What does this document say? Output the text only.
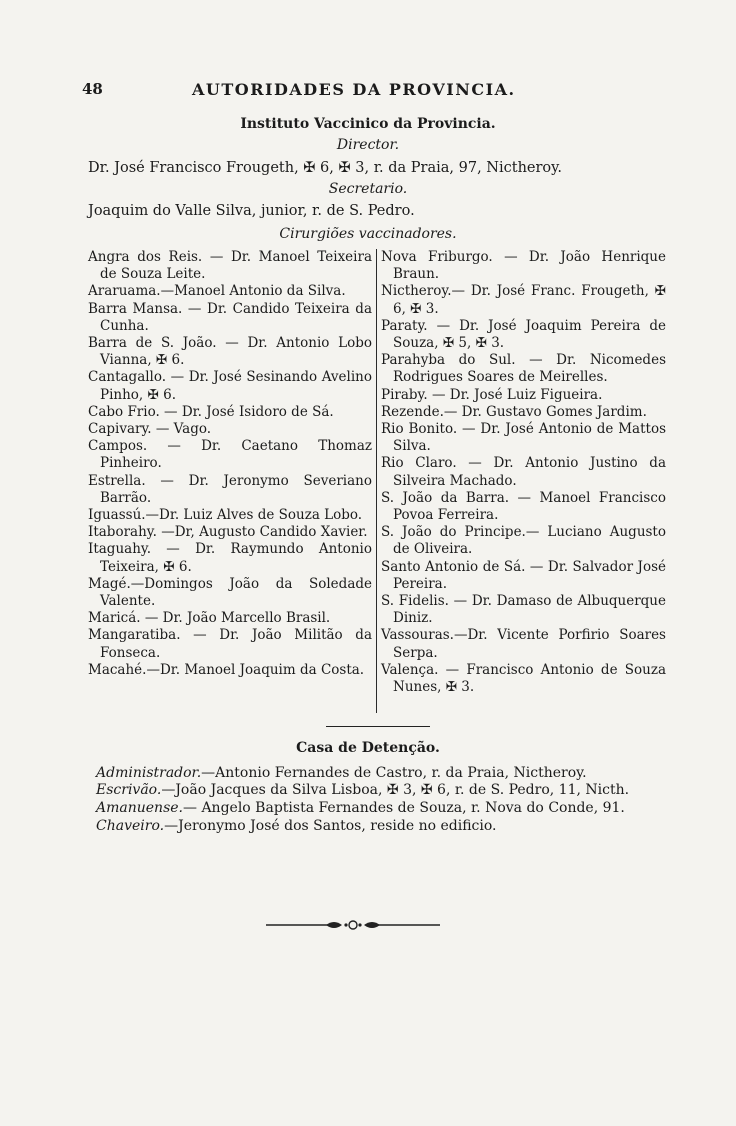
48	AUTORIDADES DA PROVINCIA.
Instituto Vaccinico da Provincia.
Director.
Dr. José Francisco Frougeth, ✠ 6, ✠ 3, r. da Praia, 97, Nictheroy.
Secretario.
Joaquim do Valle Silva, junior, r. de S. Pedro.
Cirurgiões vaccinadores.

Angra dos Reis. — Dr. Manoel Teixeira de Souza Leite.

Araruama.—Manoel Antonio da Silva.

Barra Mansa. — Dr. Candido Teixeira da Cunha.

Barra de S. João. — Dr. Antonio Lobo Vianna, ✠ 6.

Cantagallo. — Dr. José Sesinando Avelino Pinho, ✠ 6.

Cabo Frio. — Dr. José Isidoro de Sá.

Capivary. — Vago.

Campos. — Dr. Caetano Thomaz Pinheiro.

Estrella. — Dr. Jeronymo Severiano Barrão.

Iguassú.—Dr. Luiz Alves de Souza Lobo.

Itaborahy. —Dr, Augusto Candido Xavier.

Itaguahy. — Dr. Raymundo Antonio Teixeira, ✠ 6.

Magé.—Domingos João da Soledade Valente.

Maricá. — Dr. João Marcello Brasil.

Mangaratiba. — Dr. João Militão da Fonseca.

Macahé.—Dr. Manoel Joaquim da Costa.

Nova Friburgo. — Dr. João Henrique Braun.

Nictheroy.— Dr. José Franc. Frougeth, ✠ 6, ✠ 3.

Paraty. — Dr. José Joaquim Pereira de Souza, ✠ 5, ✠ 3.

Parahyba do Sul. — Dr. Nicomedes Rodrigues Soares de Meirelles.

Piraby. — Dr. José Luiz Figueira.

Rezende.— Dr. Gustavo Gomes Jardim.

Rio Bonito. — Dr. José Antonio de Mattos Silva.

Rio Claro. — Dr. Antonio Justino da Silveira Machado.

S. João da Barra. — Manoel Francisco Povoa Ferreira.

S. João do Principe.— Luciano Augusto de Oliveira.

Santo Antonio de Sá. — Dr. Salvador José Pereira.

S. Fidelis. — Dr. Damaso de Albuquerque Diniz.

Vassouras.—Dr. Vicente Porfirio Soares Serpa.

Valença. — Francisco Antonio de Souza Nunes, ✠ 3.

Casa de Detenção.
Administrador.—Antonio Fernandes de Castro, r. da Praia, Nictheroy.
Escrivão.—João Jacques da Silva Lisboa, ✠ 3, ✠ 6, r. de S. Pedro, 11, Nicth.
Amanuense.— Angelo Baptista Fernandes de Souza, r. Nova do Conde, 91.
Chaveiro.—Jeronymo José dos Santos, reside no edificio.
